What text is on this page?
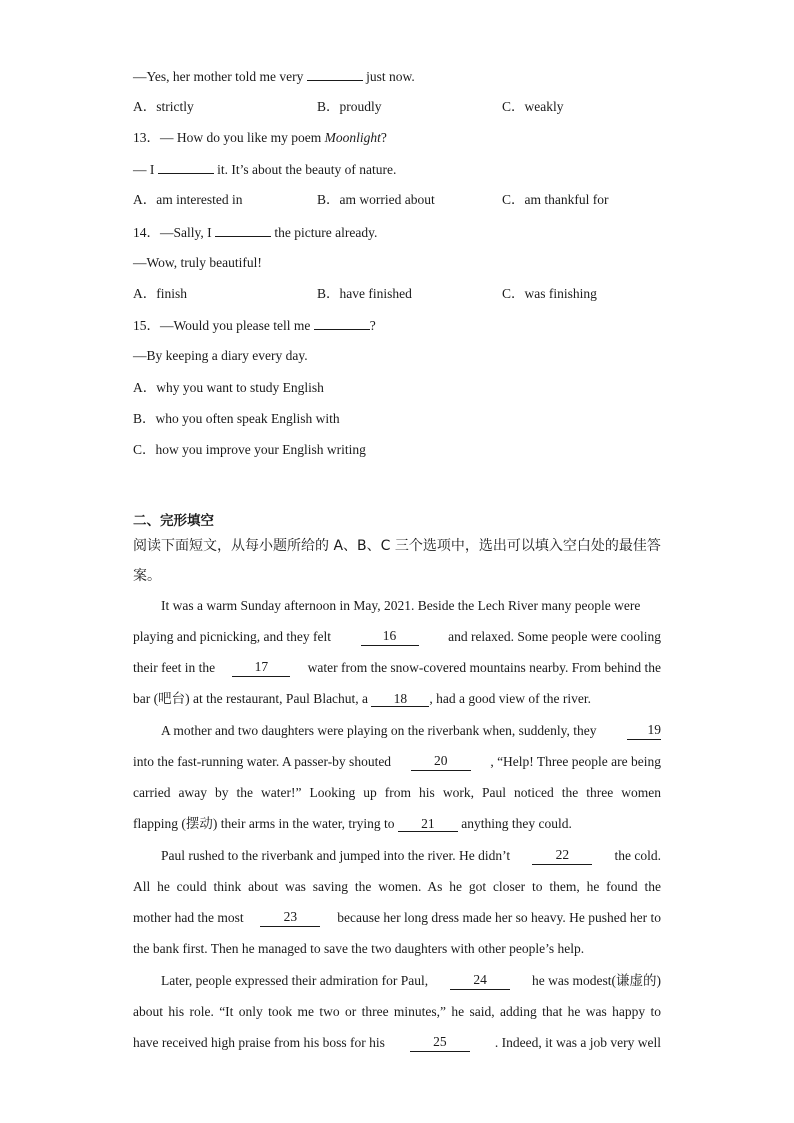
—Yes, her mother told me very	just now.
A．strictly	B．proudly	C．weakly
13．— How do you like my poem Moonlight?
— I	it. It’s about the beauty of nature.
A．am interested in	B．am worried about	C．am thankful for
14．—Sally, I	the picture already.
—Wow, truly beautiful!
A．finish	B．have finished	C．was finishing
15．—Would you please tell me	?
—By keeping a diary every day.
A．why you want to study English
B．who you often speak English with
C．how you improve your English writing
二、完形填空
阅读下面短文，从每小题所给的 A、B、C 三个选项中，选出可以填入空白处的最佳答
案。
It was a warm Sunday afternoon in May, 2021. Beside the Lech River many people were
playing and picnicking, and they felt	16	and relaxed. Some people were cooling
their feet in the	17	water from the snow-covered mountains nearby. From behind the
bar (吧台) at the restaurant, Paul Blachut, a 18 , had a good view of the river.
A mother and two daughters were playing on the riverbank when, suddenly, they	19
into the fast-running water. A passer-by shouted	20	, “Help! Three people are being
carried away by the water!” Looking up from his work, Paul noticed the three women
flapping (摆动) their arms in the water, trying to 21 anything they could.
Paul rushed to the riverbank and jumped into the river. He didn’t	22	the cold.
All he could think about was saving the women. As he got closer to them, he found the
mother had the most	23	because her long dress made her so heavy. He pushed her to
the bank first. Then he managed to save the two daughters with other people’s help.
Later, people expressed their admiration for Paul,	24	he was modest(谦虚的)
about his role. “It only took me two or three minutes,” he said, adding that he was happy to
have received high praise from his boss for his	25	. Indeed, it was a job very well
